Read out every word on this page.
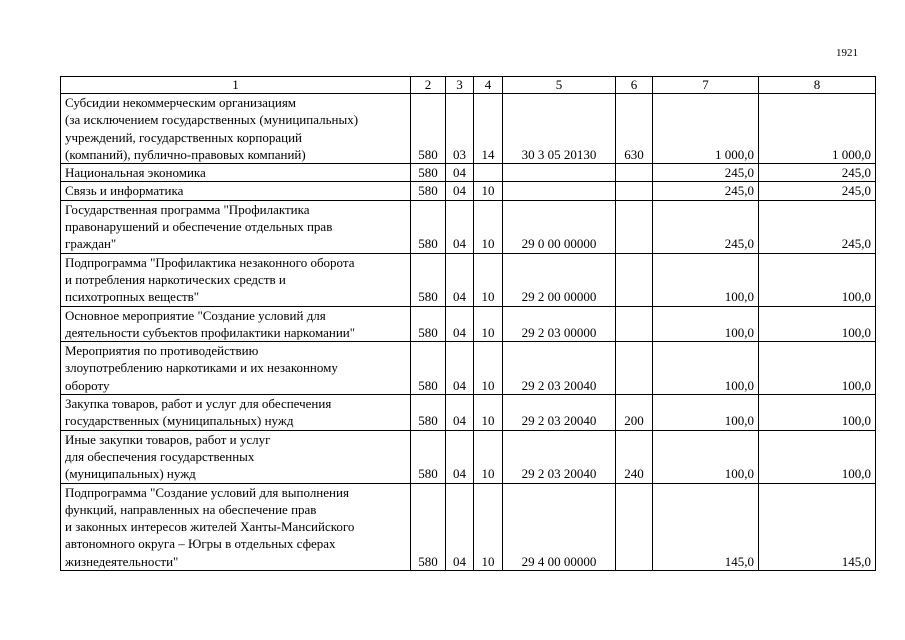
1921
1	2	3	4	5	6	7	8
Субсидии некоммерческим организациям
(за исключением государственных (муниципальных)
учреждений, государственных корпораций
(компаний), публично-правовых компаний)	580	03	14	30 3 05 20130	630	1 000,0	1 000,0
Национальная экономика	580	04				245,0	245,0
Связь и информатика	580	04	10			245,0	245,0
Государственная программа "Профилактика
правонарушений и обеспечение отдельных прав
граждан"	580	04	10	29 0 00 00000		245,0	245,0
Подпрограмма "Профилактика незаконного оборота
и потребления наркотических средств и
психотропных веществ"	580	04	10	29 2 00 00000		100,0	100,0
Основное мероприятие "Создание условий для
деятельности субъектов профилактики наркомании"	580	04	10	29 2 03 00000		100,0	100,0
Мероприятия по противодействию
злоупотреблению наркотиками и их незаконному
обороту	580	04	10	29 2 03 20040		100,0	100,0
Закупка товаров, работ и услуг для обеспечения
государственных (муниципальных) нужд	580	04	10	29 2 03 20040	200	100,0	100,0
Иные закупки товаров, работ и услуг
для обеспечения государственных
(муниципальных) нужд	580	04	10	29 2 03 20040	240	100,0	100,0
Подпрограмма "Создание условий для выполнения
функций, направленных на обеспечение прав
и законных интересов жителей Ханты-Мансийского
автономного округа – Югры в отдельных сферах
жизнедеятельности"	580	04	10	29 4 00 00000		145,0	145,0
